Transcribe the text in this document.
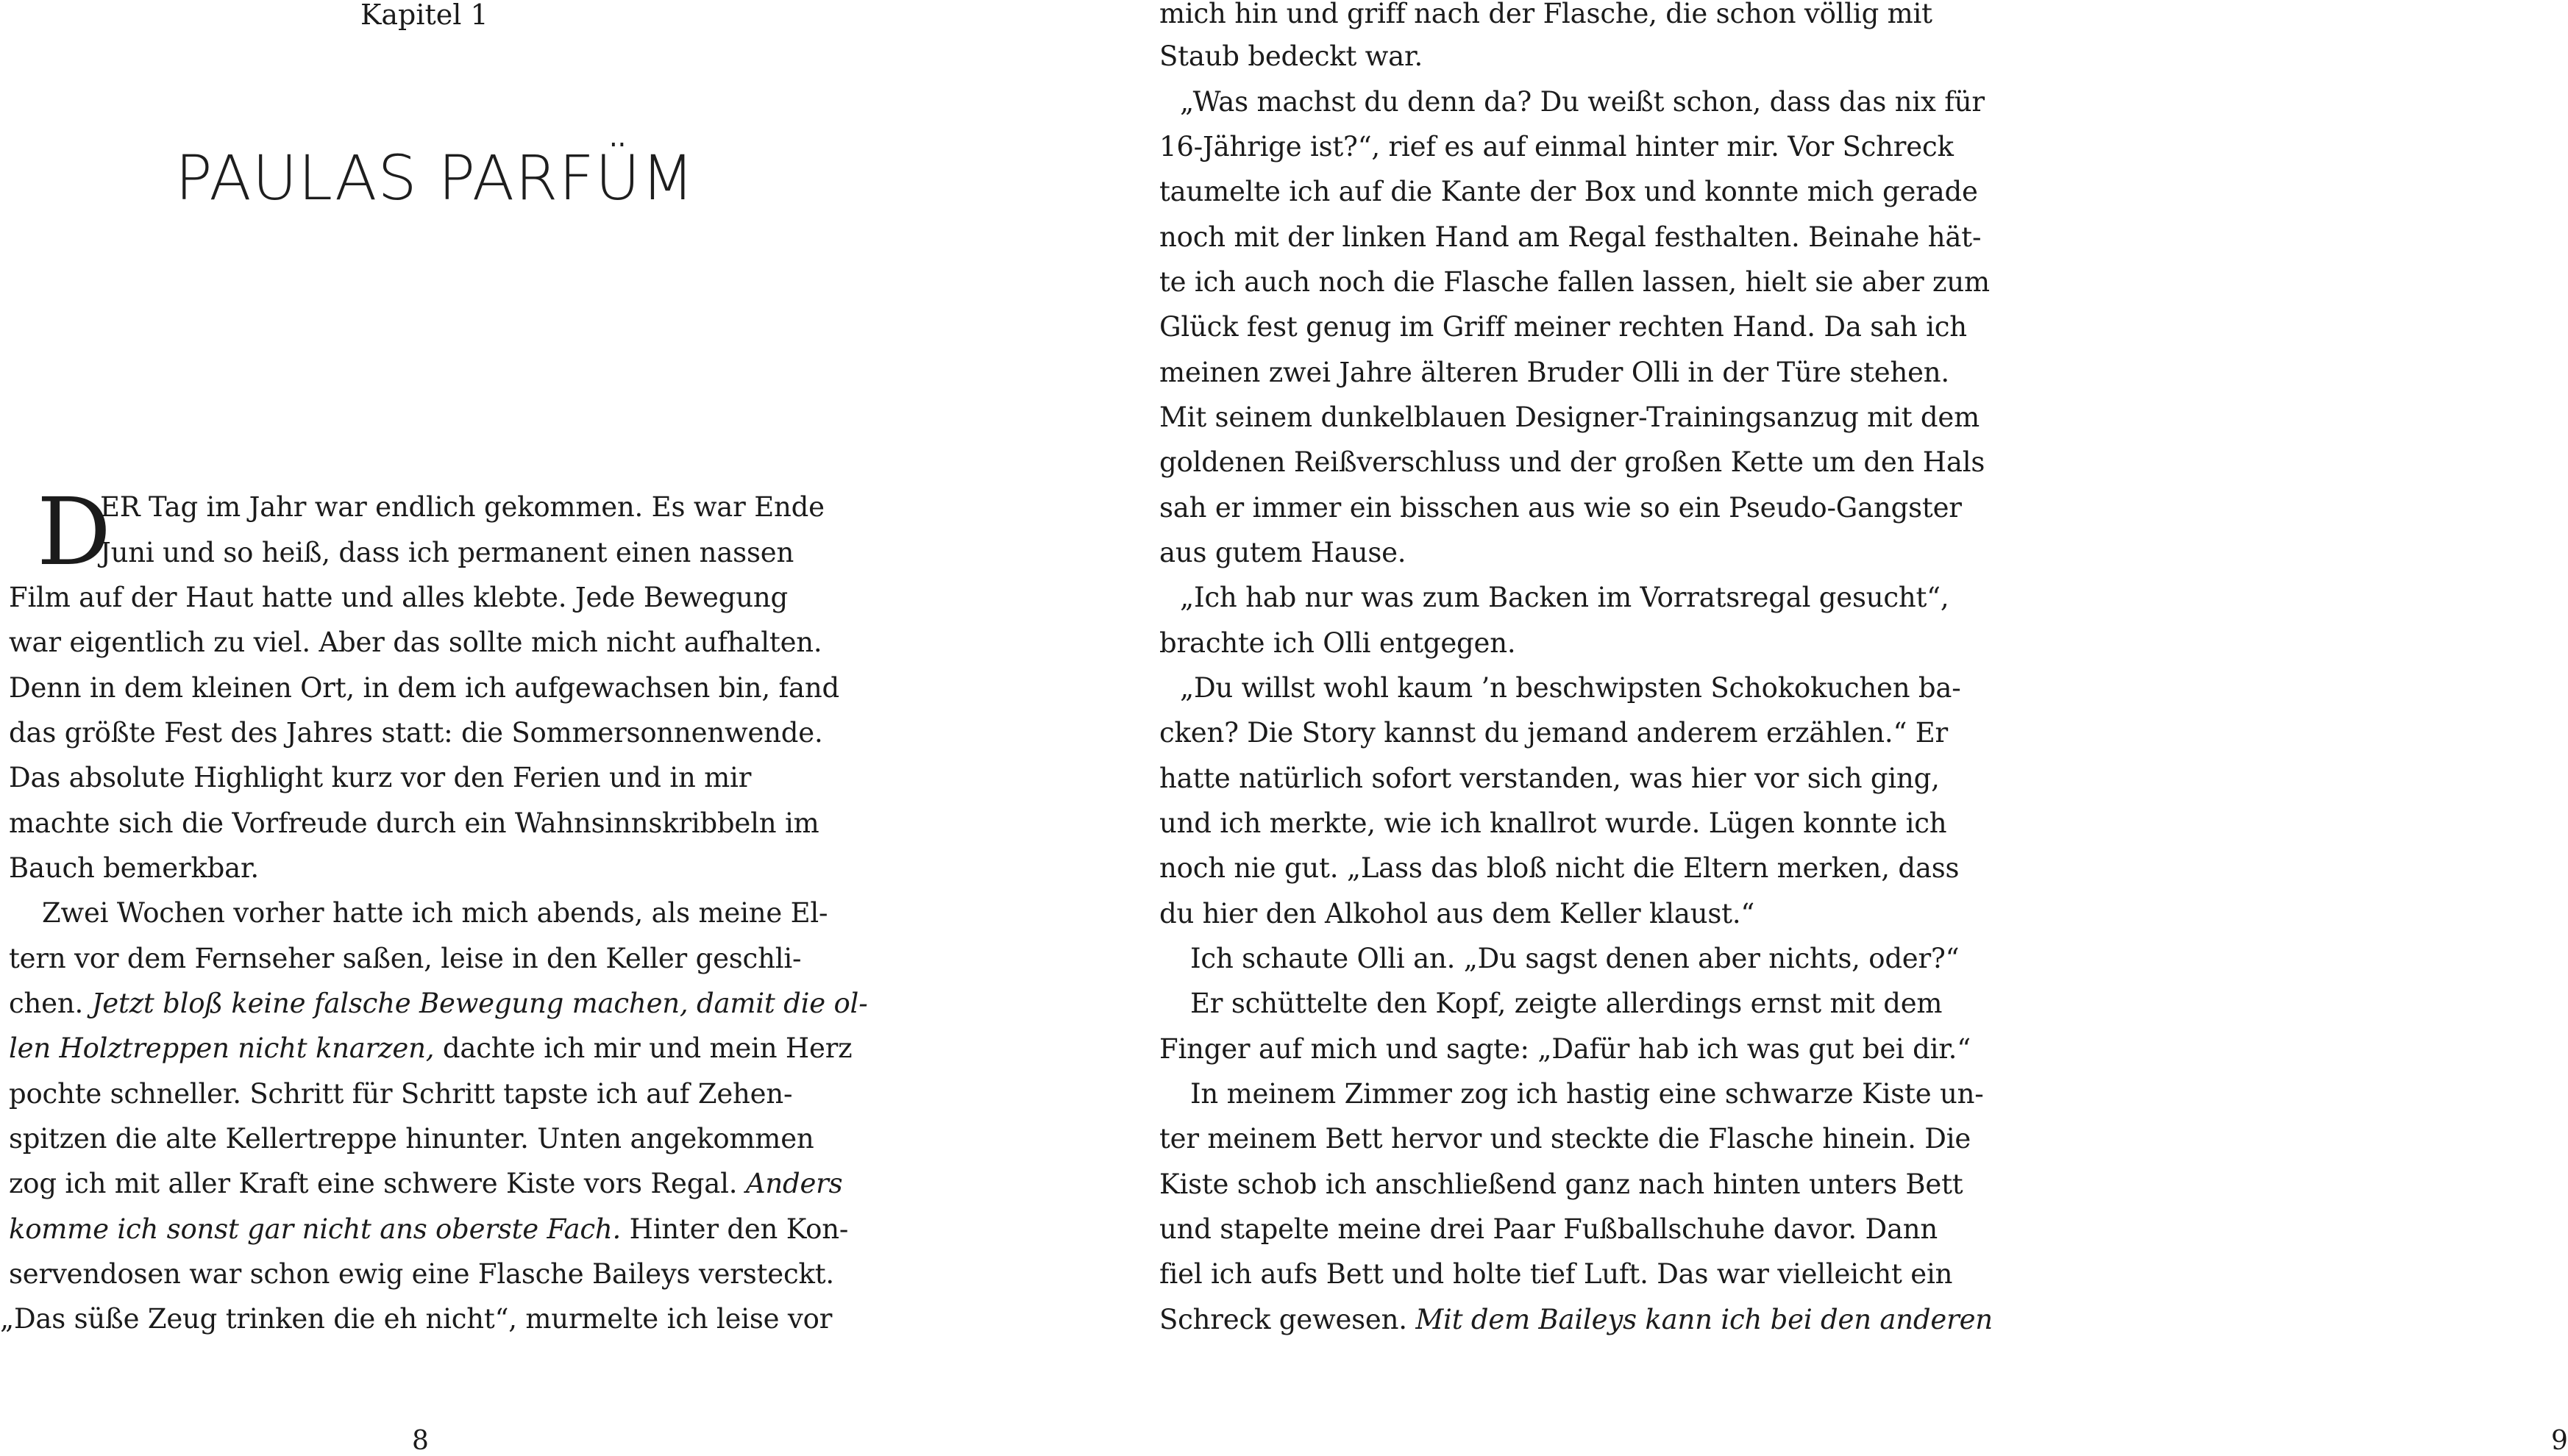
Kapitel 1
PAULAS PARFÜM
D
ER Tag im Jahr war endlich gekommen. Es war Ende
Juni und so heiß, dass ich permanent einen nassen
Film auf der Haut hatte und alles klebte. Jede Bewegung
war eigentlich zu viel. Aber das sollte mich nicht aufhalten.
Denn in dem kleinen Ort, in dem ich aufgewachsen bin, fand
das größte Fest des Jahres statt: die Sommersonnenwende.
Das absolute Highlight kurz vor den Ferien und in mir
machte sich die Vorfreude durch ein Wahnsinnskribbeln im
Bauch bemerkbar.
Zwei Wochen vorher hatte ich mich abends, als meine El-
tern vor dem Fernseher saßen, leise in den Keller geschli-
chen. Jetzt bloß keine falsche Bewegung machen, damit die ol-
len Holztreppen nicht knarzen, dachte ich mir und mein Herz
pochte schneller. Schritt für Schritt tapste ich auf Zehen-
spitzen die alte Kellertreppe hinunter. Unten angekommen
zog ich mit aller Kraft eine schwere Kiste vors Regal. Anders
komme ich sonst gar nicht ans oberste Fach. Hinter den Kon-
servendosen war schon ewig eine Flasche Baileys versteckt.
„Das süße Zeug trinken die eh nicht“, murmelte ich leise vor
8
mich hin und griff nach der Flasche, die schon völlig mit
Staub bedeckt war.
„Was machst du denn da? Du weißt schon, dass das nix für
16-Jährige ist?“, rief es auf einmal hinter mir. Vor Schreck
taumelte ich auf die Kante der Box und konnte mich gerade
noch mit der linken Hand am Regal festhalten. Beinahe hät-
te ich auch noch die Flasche fallen lassen, hielt sie aber zum
Glück fest genug im Griff meiner rechten Hand. Da sah ich
meinen zwei Jahre älteren Bruder Olli in der Türe stehen.
Mit seinem dunkelblauen Designer-Trainingsanzug mit dem
goldenen Reißverschluss und der großen Kette um den Hals
sah er immer ein bisschen aus wie so ein Pseudo-Gangster
aus gutem Hause.
„Ich hab nur was zum Backen im Vorratsregal gesucht“,
brachte ich Olli entgegen.
„Du willst wohl kaum ’n beschwipsten Schokokuchen ba-
cken? Die Story kannst du jemand anderem erzählen.“ Er
hatte natürlich sofort verstanden, was hier vor sich ging,
und ich merkte, wie ich knallrot wurde. Lügen konnte ich
noch nie gut. „Lass das bloß nicht die Eltern merken, dass
du hier den Alkohol aus dem Keller klaust.“
Ich schaute Olli an. „Du sagst denen aber nichts, oder?“
Er schüttelte den Kopf, zeigte allerdings ernst mit dem
Finger auf mich und sagte: „Dafür hab ich was gut bei dir.“
In meinem Zimmer zog ich hastig eine schwarze Kiste un-
ter meinem Bett hervor und steckte die Flasche hinein. Die
Kiste schob ich anschließend ganz nach hinten unters Bett
und stapelte meine drei Paar Fußballschuhe davor. Dann
fiel ich aufs Bett und holte tief Luft. Das war vielleicht ein
Schreck gewesen. Mit dem Baileys kann ich bei den anderen
9
